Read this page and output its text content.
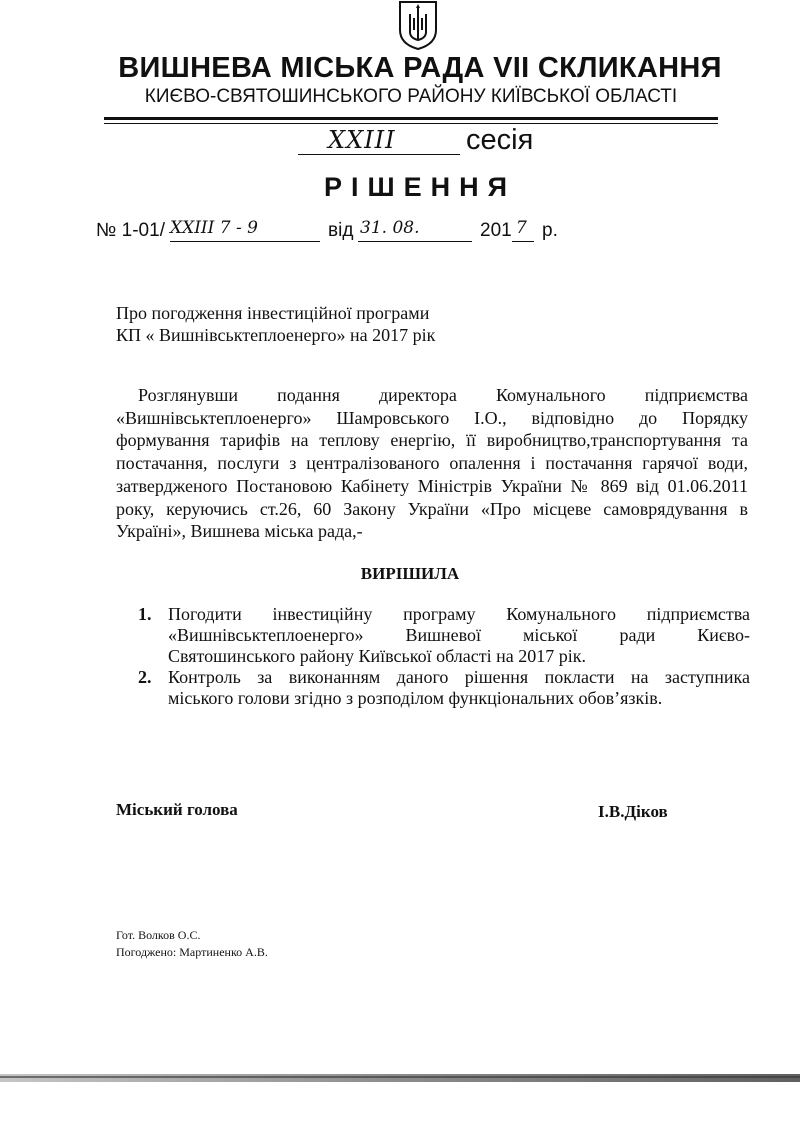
ВИШНЕВА МІСЬКА РАДА VІІ СКЛИКАННЯ
КИЄВО-СВЯТОШИНСЬКОГО РАЙОНУ КИЇВСЬКОЇ ОБЛАСТІ
XXIII сесія
РІШЕННЯ
№ 1-01/ XXIII 7 - 9	від 31. 08.	201 7 р.
Про погодження інвестиційної програми
КП « Вишнівськтеплоенерго» на 2017 рік
Розглянувши подання директора Комунального підприємства
«Вишнівськтеплоенерго» Шамровського І.О., відповідно до Порядку
формування тарифів на теплову енергію, її виробництво,транспортування та
постачання, послуги з централізованого опалення і постачання гарячої води,
затвердженого Постановою Кабінету Міністрів України № 869 від 01.06.2011
року, керуючись ст.26, 60 Закону України «Про місцеве самоврядування в
Україні», Вишнева міська рада,-
ВИРІШИЛА
1. Погодити інвестиційну програму Комунального підприємства
«Вишнівськтеплоенерго» Вишневої міської ради Києво-
Святошинського району Київської області на 2017 рік.
2. Контроль за виконанням даного рішення покласти на заступника
міського голови згідно з розподілом функціональних обов’язків.
Міський голова	І.В.Діков
Гот. Волков О.С.
Погоджено: Мартиненко А.В.
